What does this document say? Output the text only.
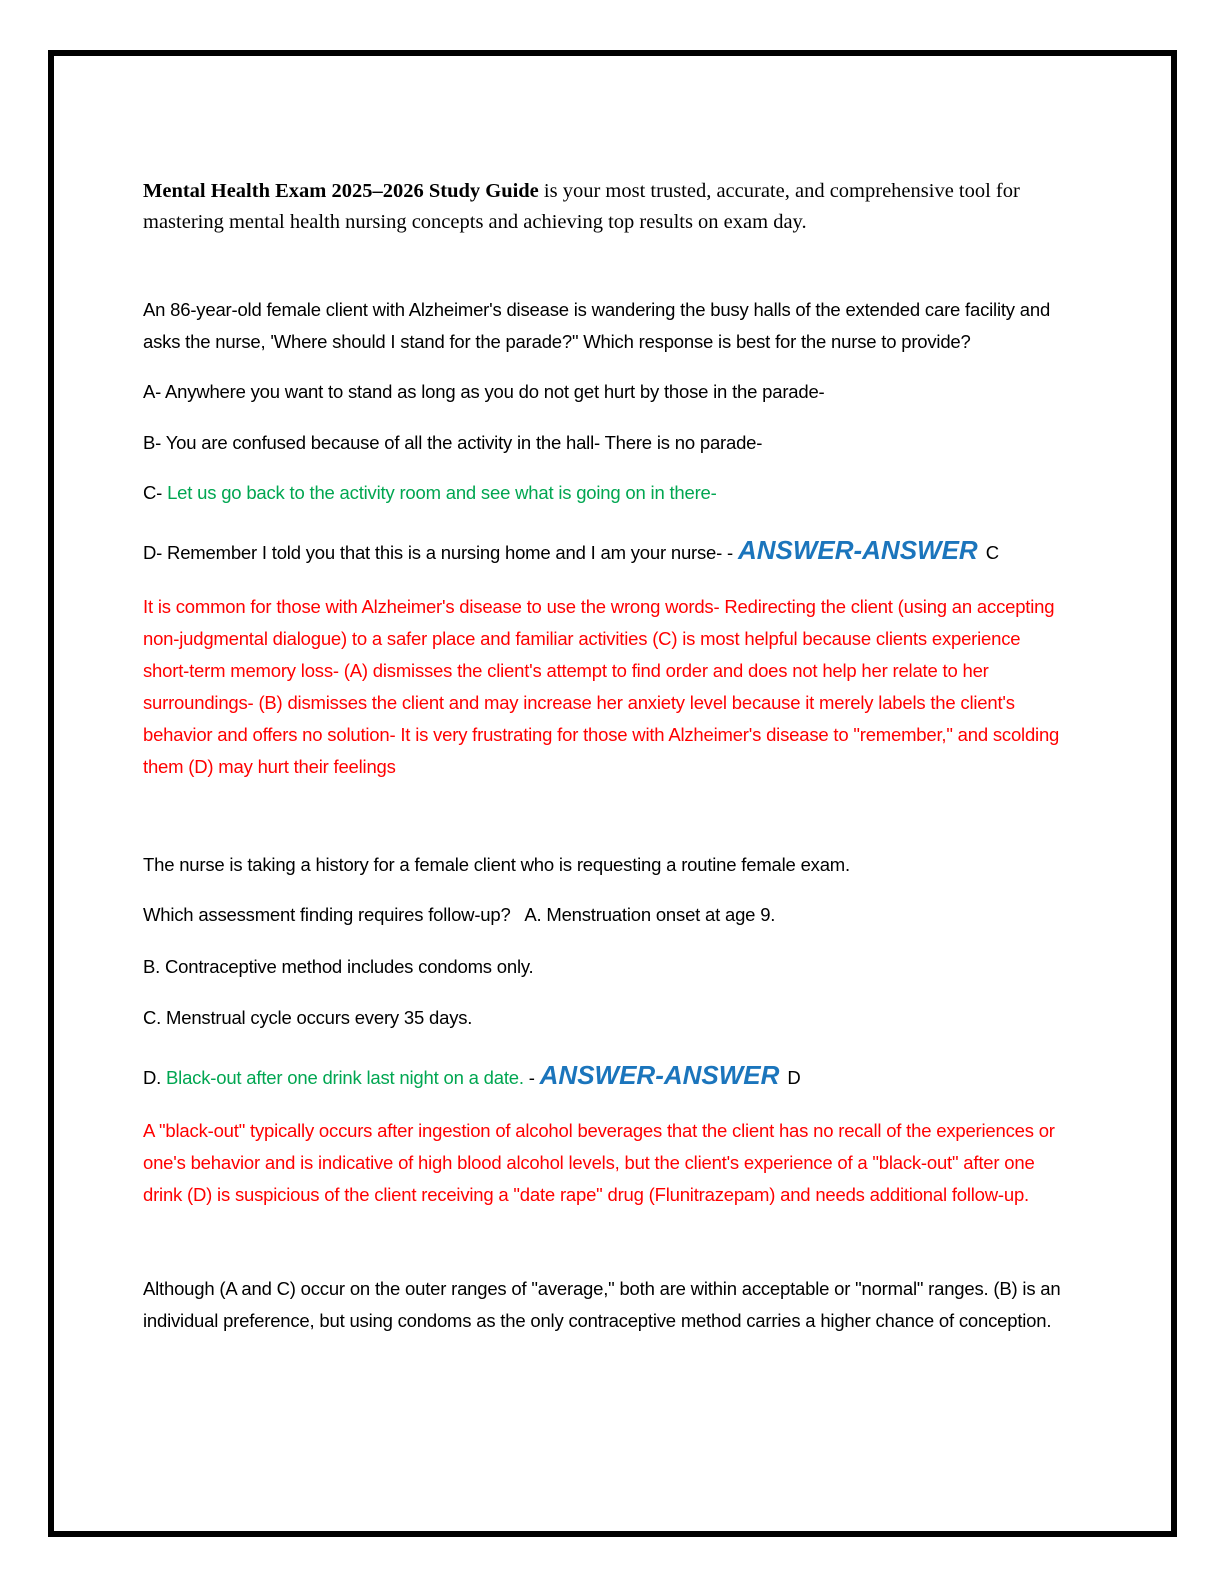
Mental Health Exam 2025–2026 Study Guide is your most trusted, accurate, and comprehensive tool for mastering mental health nursing concepts and achieving top results on exam day.

An 86-year-old female client with Alzheimer's disease is wandering the busy halls of the extended care facility and asks the nurse, 'Where should I stand for the parade?" Which response is best for the nurse to provide?

A- Anywhere you want to stand as long as you do not get hurt by those in the parade-

B- You are confused because of all the activity in the hall- There is no parade-

C- Let us go back to the activity room and see what is going on in there-

D- Remember I told you that this is a nursing home and I am your nurse- - ANSWER-ANSWER C

It is common for those with Alzheimer's disease to use the wrong words- Redirecting the client (using an accepting non-judgmental dialogue) to a safer place and familiar activities (C) is most helpful because clients experience short-term memory loss- (A) dismisses the client's attempt to find order and does not help her relate to her surroundings- (B) dismisses the client and may increase her anxiety level because it merely labels the client's behavior and offers no solution- It is very frustrating for those with Alzheimer's disease to "remember," and scolding them (D) may hurt their feelings

The nurse is taking a history for a female client who is requesting a routine female exam.

Which assessment finding requires follow-up?   A. Menstruation onset at age 9.

B. Contraceptive method includes condoms only.

C. Menstrual cycle occurs every 35 days.

D. Black-out after one drink last night on a date. - ANSWER-ANSWER D

A "black-out" typically occurs after ingestion of alcohol beverages that the client has no recall of the experiences or one's behavior and is indicative of high blood alcohol levels, but the client's experience of a "black-out" after one drink (D) is suspicious of the client receiving a "date rape" drug (Flunitrazepam) and needs additional follow-up.

Although (A and C) occur on the outer ranges of "average," both are within acceptable or "normal" ranges. (B) is an individual preference, but using condoms as the only contraceptive method carries a higher chance of conception.
